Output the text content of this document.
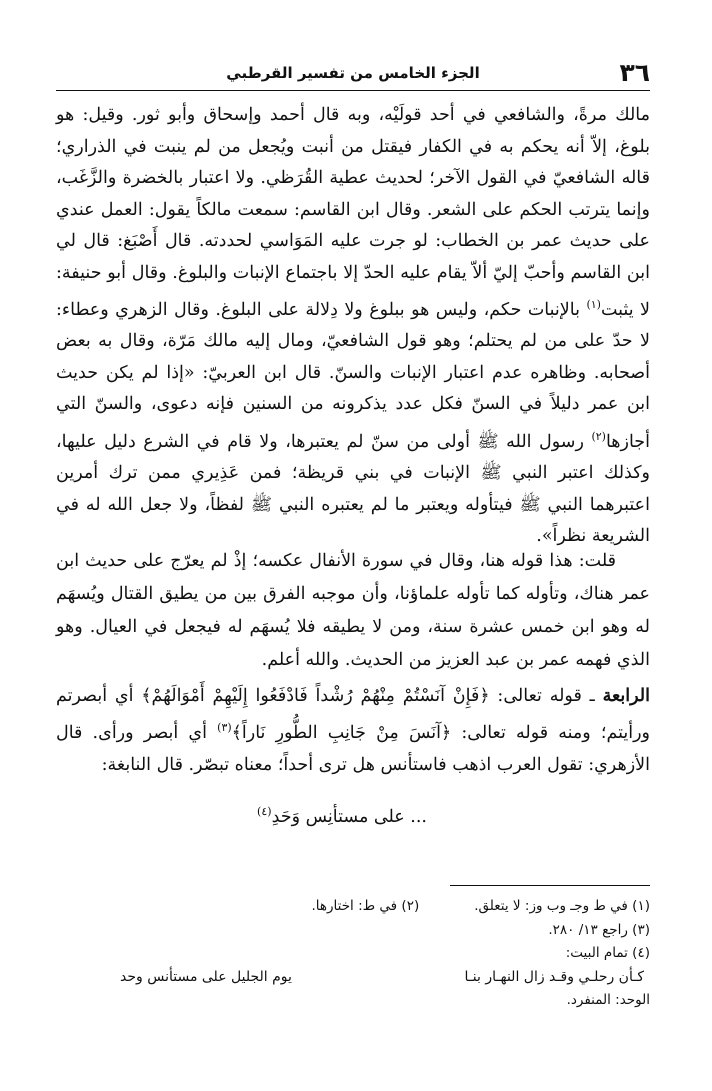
٣٦
الجزء الخامس من تفسير القرطبي
مالك مرةً، والشافعي في أحد قولَيْه، وبه قال أحمد وإسحاق وأبو ثور. وقيل: هو بلوغ، إلاّ أنه يحكم به في الكفار فيقتل من أنبت ويُجعل من لم ينبت في الذراري؛ قاله الشافعيّ في القول الآخر؛ لحديث عطية القُرَظي. ولا اعتبار بالخضرة والزَّغَب، وإنما يترتب الحكم على الشعر. وقال ابن القاسم: سمعت مالكاً يقول: العمل عندي على حديث عمر بن الخطاب: لو جرت عليه المَوَاسي لحددته. قال أَصْبَغ: قال لي ابن القاسم وأحبّ إليّ ألاّ يقام عليه الحدّ إلا باجتماع الإنبات والبلوغ. وقال أبو حنيفة: لا يثبت$^{(١)}$ بالإنبات حكم، وليس هو ببلوغ ولا دِلالة على البلوغ. وقال الزهري وعطاء: لا حدّ على من لم يحتلم؛ وهو قول الشافعيّ، ومال إليه مالك مَرّة، وقال به بعض أصحابه. وظاهره عدم اعتبار الإنبات والسنّ. قال ابن العربيّ: «إذا لم يكن حديث ابن عمر دليلاً في السنّ فكل عدد يذكرونه من السنين فإنه دعوى، والسنّ التي أجازها$^{(٢)}$ رسول الله ﷺ أولى من سنّ لم يعتبرها، ولا قام في الشرع دليل عليها، وكذلك اعتبر النبي ﷺ الإنبات في بني قريظة؛ فمن عَذِيري ممن ترك أمرين اعتبرهما النبي ﷺ فيتأوله ويعتبر ما لم يعتبره النبي ﷺ لفظاً، ولا جعل الله له في الشريعة نظراً».
قلت: هذا قوله هنا، وقال في سورة الأنفال عكسه؛ إذْ لم يعرّج على حديث ابن عمر هناك، وتأوله كما تأوله علماؤنا، وأن موجبه الفرق بين من يطيق القتال ويُسهَم له وهو ابن خمس عشرة سنة، ومن لا يطيقه فلا يُسهَم له فيجعل في العيال. وهو الذي فهمه عمر بن عبد العزيز من الحديث. والله أعلم.
الرابعة ـ قوله تعالى: ﴿فَإِنْ آنَسْتُمْ مِنْهُمْ رُشْداً فَادْفَعُوا إِلَيْهِمْ أَمْوَالَهُمْ﴾ أي أبصرتم ورأيتم؛ ومنه قوله تعالى: ﴿آنَسَ مِنْ جَانِبِ الطُّورِ نَاراً﴾$^{(٣)}$ أي أبصر ورأى. قال الأزهري: تقول العرب اذهب فاستأنس هل ترى أحداً؛ معناه تبصّر. قال النابغة:
... على مستأنِس وَحَدِ$^{(٤)}$
(١) في ط وجـ وب وز: لا يتعلق.
(٢) في ط: اختارها.
(٣) راجع ١٣/ ٢٨٠.
(٤) تمام البيت:
كـأن رحلـي وقـد زال النهـار بنـا
يوم الجليل على مستأنس وحد
الوحد: المنفرد.
